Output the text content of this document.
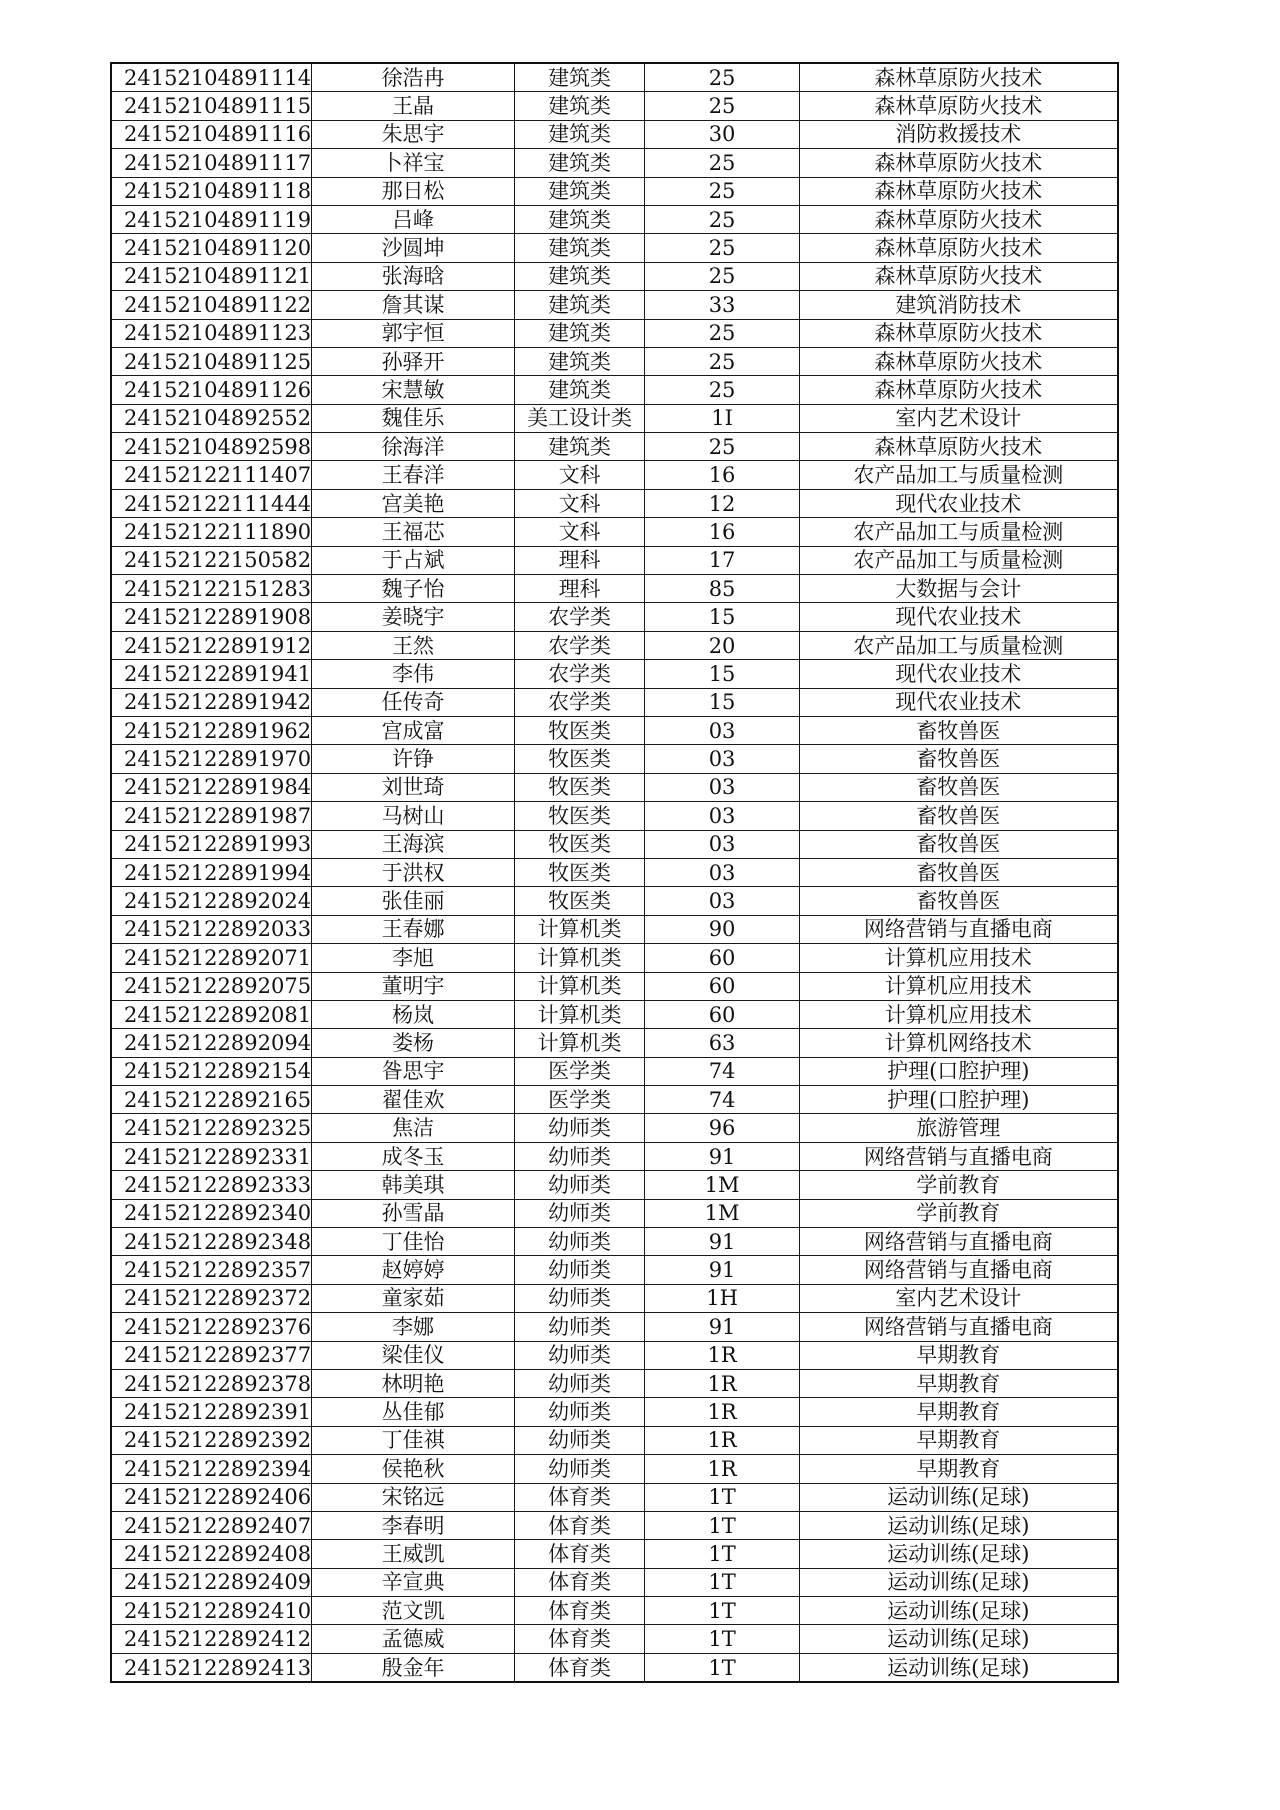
24152104891114	徐浩冉	建筑类	25	森林草原防火技术
24152104891115	王晶	建筑类	25	森林草原防火技术
24152104891116	朱思宇	建筑类	30	消防救援技术
24152104891117	卜祥宝	建筑类	25	森林草原防火技术
24152104891118	那日松	建筑类	25	森林草原防火技术
24152104891119	吕峰	建筑类	25	森林草原防火技术
24152104891120	沙圆坤	建筑类	25	森林草原防火技术
24152104891121	张海晗	建筑类	25	森林草原防火技术
24152104891122	詹其谋	建筑类	33	建筑消防技术
24152104891123	郭宇恒	建筑类	25	森林草原防火技术
24152104891125	孙驿开	建筑类	25	森林草原防火技术
24152104891126	宋慧敏	建筑类	25	森林草原防火技术
24152104892552	魏佳乐	美工设计类	1I	室内艺术设计
24152104892598	徐海洋	建筑类	25	森林草原防火技术
24152122111407	王春洋	文科	16	农产品加工与质量检测
24152122111444	宫美艳	文科	12	现代农业技术
24152122111890	王福芯	文科	16	农产品加工与质量检测
24152122150582	于占斌	理科	17	农产品加工与质量检测
24152122151283	魏子怡	理科	85	大数据与会计
24152122891908	姜晓宇	农学类	15	现代农业技术
24152122891912	王然	农学类	20	农产品加工与质量检测
24152122891941	李伟	农学类	15	现代农业技术
24152122891942	任传奇	农学类	15	现代农业技术
24152122891962	宫成富	牧医类	03	畜牧兽医
24152122891970	许铮	牧医类	03	畜牧兽医
24152122891984	刘世琦	牧医类	03	畜牧兽医
24152122891987	马树山	牧医类	03	畜牧兽医
24152122891993	王海滨	牧医类	03	畜牧兽医
24152122891994	于洪权	牧医类	03	畜牧兽医
24152122892024	张佳丽	牧医类	03	畜牧兽医
24152122892033	王春娜	计算机类	90	网络营销与直播电商
24152122892071	李旭	计算机类	60	计算机应用技术
24152122892075	董明宇	计算机类	60	计算机应用技术
24152122892081	杨岚	计算机类	60	计算机应用技术
24152122892094	娄杨	计算机类	63	计算机网络技术
24152122892154	昝思宇	医学类	74	护理(口腔护理)
24152122892165	翟佳欢	医学类	74	护理(口腔护理)
24152122892325	焦洁	幼师类	96	旅游管理
24152122892331	成冬玉	幼师类	91	网络营销与直播电商
24152122892333	韩美琪	幼师类	1M	学前教育
24152122892340	孙雪晶	幼师类	1M	学前教育
24152122892348	丁佳怡	幼师类	91	网络营销与直播电商
24152122892357	赵婷婷	幼师类	91	网络营销与直播电商
24152122892372	童家茹	幼师类	1H	室内艺术设计
24152122892376	李娜	幼师类	91	网络营销与直播电商
24152122892377	梁佳仪	幼师类	1R	早期教育
24152122892378	林明艳	幼师类	1R	早期教育
24152122892391	丛佳郁	幼师类	1R	早期教育
24152122892392	丁佳祺	幼师类	1R	早期教育
24152122892394	侯艳秋	幼师类	1R	早期教育
24152122892406	宋铭远	体育类	1T	运动训练(足球)
24152122892407	李春明	体育类	1T	运动训练(足球)
24152122892408	王威凯	体育类	1T	运动训练(足球)
24152122892409	辛宣典	体育类	1T	运动训练(足球)
24152122892410	范文凯	体育类	1T	运动训练(足球)
24152122892412	孟德威	体育类	1T	运动训练(足球)
24152122892413	殷金年	体育类	1T	运动训练(足球)
